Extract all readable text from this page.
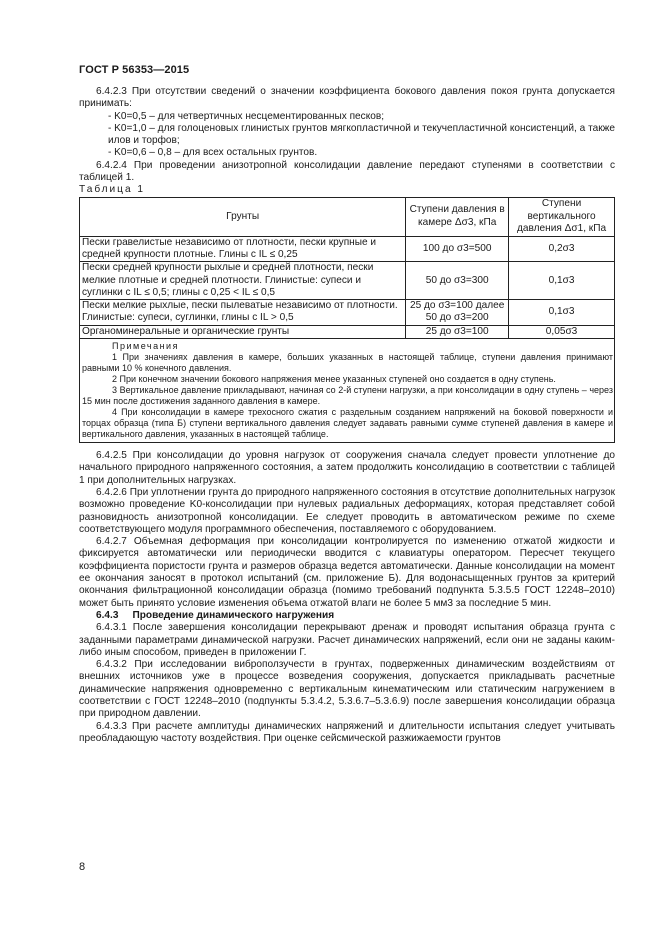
ГОСТ Р 56353—2015

6.4.2.3 При отсутствии сведений о значении коэффициента бокового давления покоя грунта допускается принимать:

- K0=0,5 – для четвертичных несцементированных песков;

- K0=1,0 – для голоценовых глинистых грунтов мягкопластичной и текучепластичной консистенций, а также илов и торфов;

- K0=0,6 – 0,8 – для всех остальных грунтов.

6.4.2.4 При проведении анизотропной консолидации давление передают ступенями в соответствии с таблицей 1.

Таблица 1

Грунты	Ступени давления в камере Δσ3, кПа	Ступени вертикального давления Δσ1, кПа
Пески гравелистые независимо от плотности, пески крупные и средней крупности плотные. Глины с IL ≤ 0,25	100 до σ3=500	0,2σ3
Пески средней крупности рыхлые и средней плотности, пески мелкие плотные и средней плотности. Глинистые: супеси и суглинки с IL ≤ 0,5; глины с 0,25 < IL ≤ 0,5	50 до σ3=300	0,1σ3
Пески мелкие рыхлые, пески пылеватые независимо от плотности. Глинистые: супеси, суглинки, глины с IL > 0,5	25 до σ3=100 далее 50 до σ3=200	0,1σ3
Органоминеральные и органические грунты	25 до σ3=100	0,05σ3

Примечания

1 При значениях давления в камере, больших указанных в настоящей таблице, ступени давления принимают равными 10 % конечного давления.

2 При конечном значении бокового напряжения менее указанных ступеней оно создается в одну ступень.

3 Вертикальное давление прикладывают, начиная со 2-й ступени нагрузки, а при консолидации в одну ступень – через 15 мин после достижения заданного давления в камере.

4 При консолидации в камере трехосного сжатия с раздельным созданием напряжений на боковой поверхности и торцах образца (типа Б) ступени вертикального давления следует задавать равными сумме ступеней давления в камере и вертикального давления, указанных в настоящей таблице.		

6.4.2.5 При консолидации до уровня нагрузок от сооружения сначала следует провести уплотнение до начального природного напряженного состояния, а затем продолжить консолидацию в соответствии с таблицей 1 при дополнительных нагрузках.

6.4.2.6 При уплотнении грунта до природного напряженного состояния в отсутствие дополнительных нагрузок возможно проведение K0-консолидации при нулевых радиальных деформациях, которая представляет собой разновидность анизотропной консолидации. Ее следует проводить в автоматическом режиме по схеме соответствующего модуля программного обеспечения, поставляемого с оборудованием.

6.4.2.7 Объемная деформация при консолидации контролируется по изменению отжатой жидкости и фиксируется автоматически или периодически вводится с клавиатуры оператором. Пересчет текущего коэффициента пористости грунта и размеров образца ведется автоматически. Данные консолидации на момент ее окончания заносят в протокол испытаний (см. приложение Б). Для водонасыщенных грунтов за критерий окончания фильтрационной консолидации образца (помимо требований подпункта 5.3.5.5 ГОСТ 12248–2010) может быть принято условие изменения объема отжатой влаги не более 5 мм3 за последние 5 мин.

6.4.3 Проведение динамического нагружения

6.4.3.1 После завершения консолидации перекрывают дренаж и проводят испытания образца грунта с заданными параметрами динамической нагрузки. Расчет динамических напряжений, если они не заданы каким-либо иным способом, приведен в приложении Г.

6.4.3.2 При исследовании виброползучести в грунтах, подверженных динамическим воздействиям от внешних источников уже в процессе возведения сооружения, допускается прикладывать расчетные динамические напряжения одновременно с вертикальным кинематическим или статическим нагружением в соответствии с ГОСТ 12248–2010 (подпункты 5.3.4.2, 5.3.6.7–5.3.6.9) после завершения консолидации образца при природном давлении.

6.4.3.3 При расчете амплитуды динамических напряжений и длительности испытания следует учитывать преобладающую частоту воздействия. При оценке сейсмической разжижаемости грунтов

8
